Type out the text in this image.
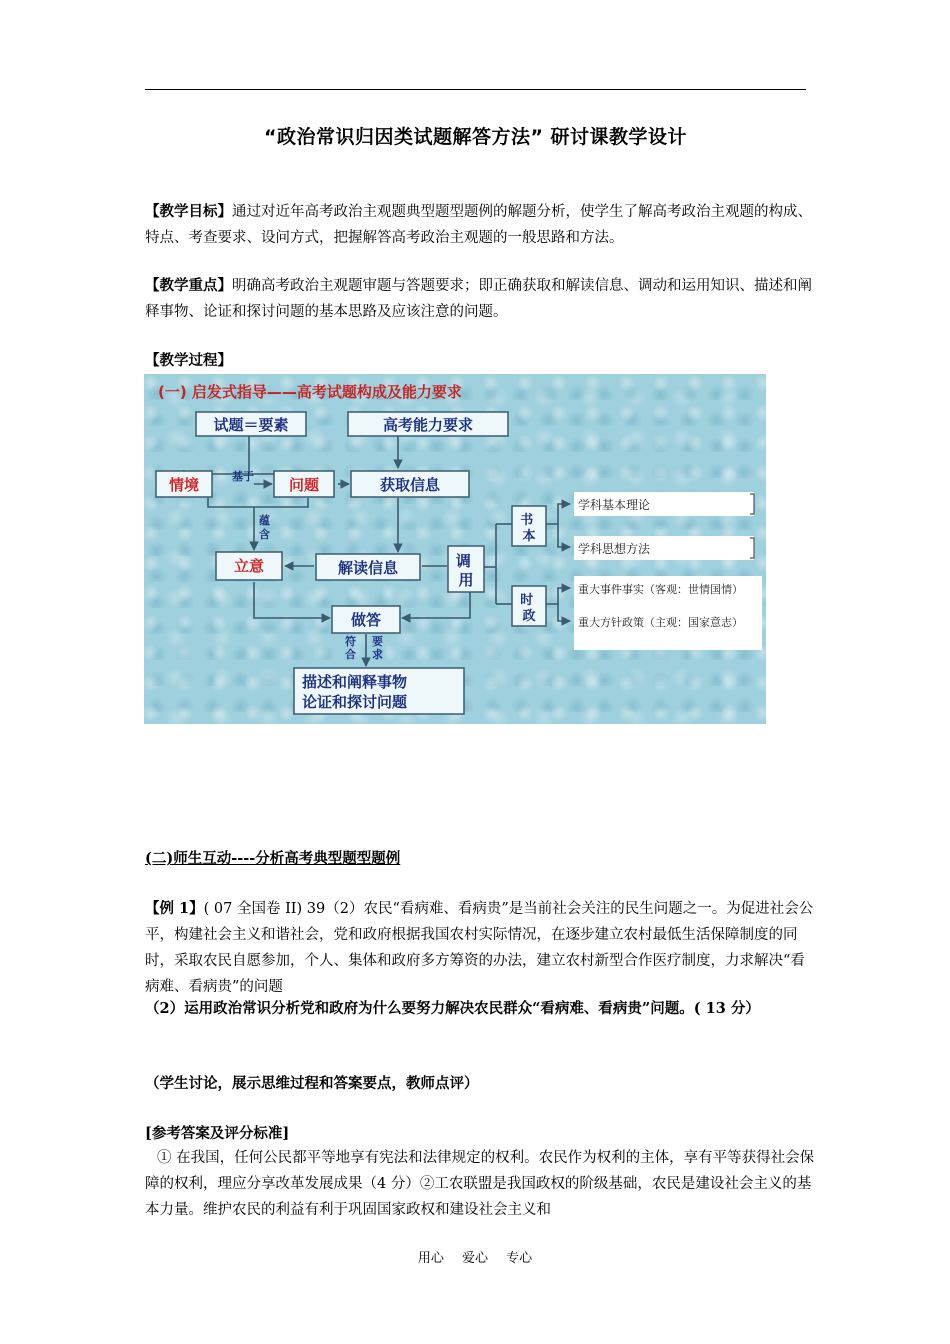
“政治常识归因类试题解答方法” 研讨课教学设计
【教学目标】通过对近年高考政治主观题典型题型题例的解题分析，使学生了解高考政治主观题的构成、特点、考查要求、设问方式，把握解答高考政治主观题的一般思路和方法。
【教学重点】明确高考政治主观题审题与答题要求；即正确获取和解读信息、调动和运用知识、描述和阐释事物、论证和探讨问题的基本思路及应该注意的问题。
【教学过程】
(一) 启发式指导——高考试题构成及能力要求
试题＝要素	高考能力要求
情境	基于 问题	获取信息
蕴 含
立意	解读信息	调 用
做答
符 合
要 求
描述和阐释事物
论证和探讨问题
书 本
时 政
学科基本理论
学科思想方法
重大事件事实（客观：世情国情）
重大方针政策（主观：国家意志）
(二)师生互动----分析高考典型题型题例
【例 1】( 07 全国卷 II) 39（2）农民“看病难、看病贵”是当前社会关注的民生问题之一。为促进社会公平，构建社会主义和谐社会，党和政府根据我国农村实际情况，在逐步建立农村最低生活保障制度的同时，采取农民自愿参加，个人、集体和政府多方筹资的办法，建立农村新型合作医疗制度，力求解决“看病难、看病贵”的问题
（2）运用政治常识分析党和政府为什么要努力解决农民群众“看病难、看病贵”问题。( 13 分）
（学生讨论，展示思维过程和答案要点，教师点评）
[参考答案及评分标准]
① 在我国，任何公民都平等地享有宪法和法律规定的权利。农民作为权利的主体，享有平等获得社会保障的权利，理应分享改革发展成果（4 分）②工农联盟是我国政权的阶级基础，农民是建设社会主义的基本力量。维护农民的利益有利于巩固国家政权和建设社会主义和
用心 爱心 专心
